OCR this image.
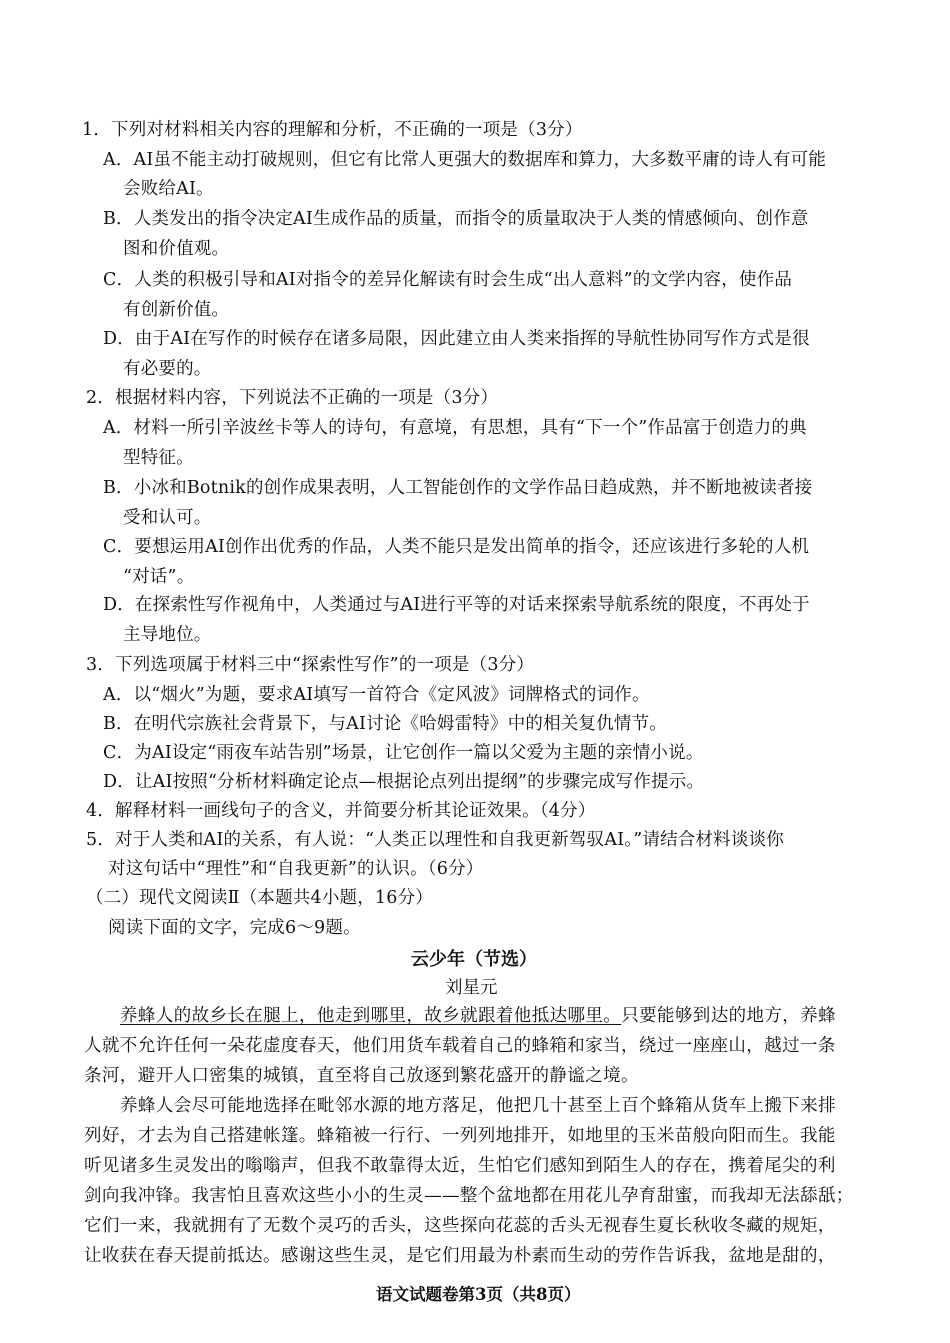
1．下列对材料相关内容的理解和分析，不正确的一项是（3分）
A．AI虽不能主动打破规则，但它有比常人更强大的数据库和算力，大多数平庸的诗人有可能
会败给AI。
B．人类发出的指令决定AI生成作品的质量，而指令的质量取决于人类的情感倾向、创作意
图和价值观。
C．人类的积极引导和AI对指令的差异化解读有时会生成“出人意料”的文学内容，使作品
有创新价值。
D．由于AI在写作的时候存在诸多局限，因此建立由人类来指挥的导航性协同写作方式是很
有必要的。
2．根据材料内容，下列说法不正确的一项是（3分）
A．材料一所引辛波丝卡等人的诗句，有意境，有思想，具有“下一个”作品富于创造力的典
型特征。
B．小冰和Botnik的创作成果表明，人工智能创作的文学作品日趋成熟，并不断地被读者接
受和认可。
C．要想运用AI创作出优秀的作品，人类不能只是发出简单的指令，还应该进行多轮的人机
“对话”。
D．在探索性写作视角中，人类通过与AI进行平等的对话来探索导航系统的限度，不再处于
主导地位。
3．下列选项属于材料三中“探索性写作”的一项是（3分）
A．以“烟火”为题，要求AI填写一首符合《定风波》词牌格式的词作。
B．在明代宗族社会背景下，与AI讨论《哈姆雷特》中的相关复仇情节。
C．为AI设定“雨夜车站告别”场景，让它创作一篇以父爱为主题的亲情小说。
D．让AI按照“分析材料确定论点—根据论点列出提纲”的步骤完成写作提示。
4．解释材料一画线句子的含义，并简要分析其论证效果。（4分）
5．对于人类和AI的关系，有人说：“人类正以理性和自我更新驾驭AI。”请结合材料谈谈你
对这句话中“理性”和“自我更新”的认识。（6分）
（二）现代文阅读Ⅱ（本题共4小题，16分）
阅读下面的文字，完成6～9题。
云少年（节选）
刘星元
养蜂人的故乡长在腿上，他走到哪里，故乡就跟着他抵达哪里。只要能够到达的地方，养蜂
人就不允许任何一朵花虚度春天，他们用货车载着自己的蜂箱和家当，绕过一座座山，越过一条
条河，避开人口密集的城镇，直至将自己放逐到繁花盛开的静谧之境。
养蜂人会尽可能地选择在毗邻水源的地方落足，他把几十甚至上百个蜂箱从货车上搬下来排
列好，才去为自己搭建帐篷。蜂箱被一行行、一列列地排开，如地里的玉米苗般向阳而生。我能
听见诸多生灵发出的嗡嗡声，但我不敢靠得太近，生怕它们感知到陌生人的存在，携着尾尖的利
剑向我冲锋。我害怕且喜欢这些小小的生灵——整个盆地都在用花儿孕育甜蜜，而我却无法舔舐；
它们一来，我就拥有了无数个灵巧的舌头，这些探向花蕊的舌头无视春生夏长秋收冬藏的规矩，
让收获在春天提前抵达。感谢这些生灵，是它们用最为朴素而生动的劳作告诉我，盆地是甜的，
语文试题卷第3页（共8页）
